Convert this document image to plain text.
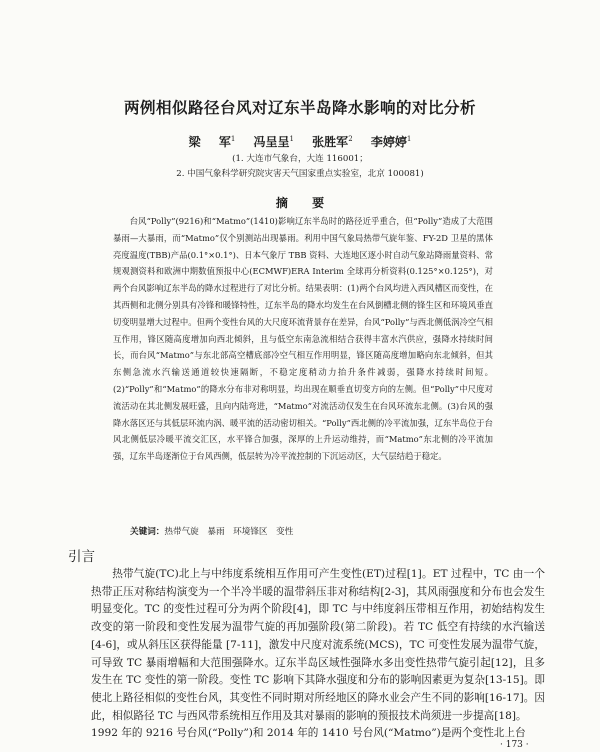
两例相似路径台风对辽东半岛降水影响的对比分析
梁 军$^1$ 冯呈呈$^1$ 张胜军$^2$ 李婷婷$^1$
(1. 大连市气象台，大连 116001；
2. 中国气象科学研究院灾害天气国家重点实验室，北京 100081)
摘 要
台风“Polly”(9216)和“Matmo”(1410)影响辽东半岛时的路径近乎重合，但“Polly”造成了大范围暴雨—大暴雨，而“Matmo”仅个别测站出现暴雨。利用中国气象局热带气旋年鉴、FY-2D 卫星的黑体亮度温度(TBB)产品(0.1°×0.1°)、日本气象厅 TBB 资料、大连地区逐小时自动气象站降雨量资料、常规观测资料和欧洲中期数值预报中心(ECMWF)ERA Interim 全球再分析资料(0.125°×0.125°)，对两个台风影响辽东半岛的降水过程进行了对比分析。结果表明：(1)两个台风均进入西风槽区而变性，在其西侧和北侧分别具有冷锋和暖锋特性，辽东半岛的降水均发生在台风倒槽北侧的锋生区和环境风垂直切变明显增大过程中。但两个变性台风的大尺度环流背景存在差异，台风“Polly”与西北侧低涡冷空气相互作用，锋区随高度增加向西北倾斜，且与低空东南急流相结合获得丰富水汽供应，强降水持续时间长，而台风“Matmo”与东北部高空槽底部冷空气相互作用明显，锋区随高度增加略向东北倾斜，但其东侧急流水汽输送通道较快速隔断，不稳定度稍动力抬升条件减弱，强降水持续时间短。(2)“Polly”和“Matmo”的降水分布非对称明显，均出现在顺垂直切变方向的左侧。但“Polly”中尺度对流活动在其北侧发展旺盛，且向内陆弯进，“Matmo”对流活动仅发生在台风环流东北侧。(3)台风的强降水落区还与其低层环流内涡、暖平流的活动密切相关。“Polly”西北侧的冷平流加强，辽东半岛位于台风北侧低层冷暖平流交汇区，水平锋合加强，深厚的上升运动维持，而“Matmo”东北侧的冷平流加强，辽东半岛逐渐位于台风西侧，低层转为冷平流控制的下沉运动区，大气层结趋于稳定。
关键词：热带气旋　暴雨　环境锋区　变性
引言
热带气旋(TC)北上与中纬度系统相互作用可产生变性(ET)过程[1]。ET 过程中，TC 由一个热带正压对称结构演变为一个半冷半暖的温带斜压非对称结构[2-3]，其风雨强度和分布也会发生明显变化。TC 的变性过程可分为两个阶段[4]，即 TC 与中纬度斜压带相互作用，初始结构发生改变的第一阶段和变性发展为温带气旋的再加强阶段(第二阶段)。若 TC 低空有持续的水汽输送[4-6]，或从斜压区获得能量 [7-11]，激发中尺度对流系统(MCS)，TC 可变性发展为温带气旋，可导致 TC 暴雨增幅和大范围强降水。辽东半岛区域性强降水多出变性热带气旋引起[12]，且多发生在 TC 变性的第一阶段。变性 TC 影响下其降水强度和分布的影响因素更为复杂[13-15]。即使北上路径相似的变性台风，其变性不同时期对所经地区的降水业会产生不同的影响[16-17]。因此，相似路径 TC 与西风带系统相互作用及其对暴雨的影响的预报技术尚须进一步提高[18]。
1992 年的 9216 号台风(“Polly”)和 2014 年的 1410 号台风(“Matmo”)是两个变性北上台
· 173 ·
